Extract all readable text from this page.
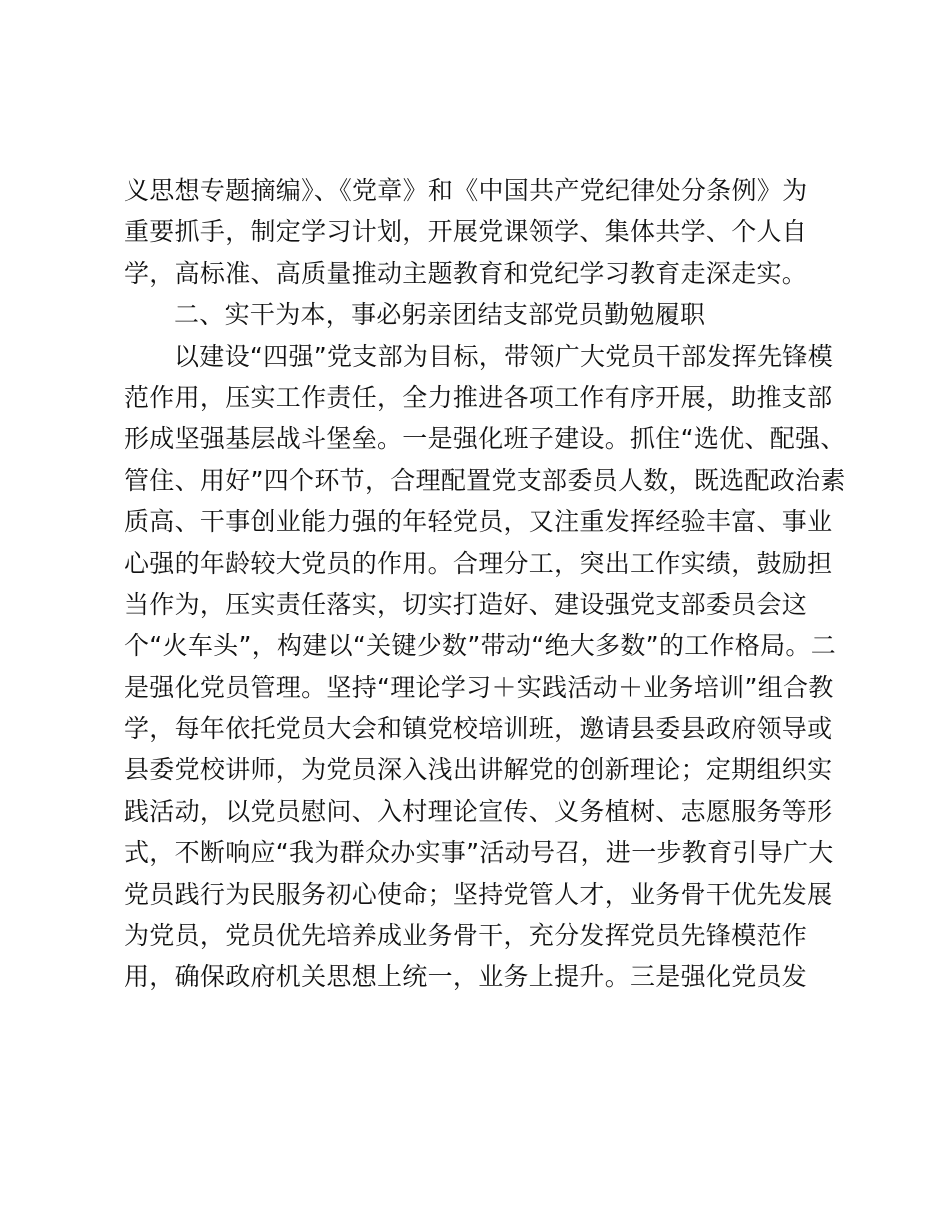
义思想专题摘编》、《党章》和《中国共产党纪律处分条例》为
重要抓手，制定学习计划，开展党课领学、集体共学、个人自
学，高标准、高质量推动主题教育和党纪学习教育走深走实。
二、实干为本，事必躬亲团结支部党员勤勉履职
以建设“四强”党支部为目标，带领广大党员干部发挥先锋模
范作用，压实工作责任，全力推进各项工作有序开展，助推支部
形成坚强基层战斗堡垒。一是强化班子建设。抓住“选优、配强、
管住、用好”四个环节，合理配置党支部委员人数，既选配政治素
质高、干事创业能力强的年轻党员，又注重发挥经验丰富、事业
心强的年龄较大党员的作用。合理分工，突出工作实绩，鼓励担
当作为，压实责任落实，切实打造好、建设强党支部委员会这
个“火车头”，构建以“关键少数”带动“绝大多数”的工作格局。二
是强化党员管理。坚持“理论学习＋实践活动＋业务培训”组合教
学，每年依托党员大会和镇党校培训班，邀请县委县政府领导或
县委党校讲师，为党员深入浅出讲解党的创新理论；定期组织实
践活动，以党员慰问、入村理论宣传、义务植树、志愿服务等形
式，不断响应“我为群众办实事”活动号召，进一步教育引导广大
党员践行为民服务初心使命；坚持党管人才，业务骨干优先发展
为党员，党员优先培养成业务骨干，充分发挥党员先锋模范作
用，确保政府机关思想上统一，业务上提升。三是强化党员发
